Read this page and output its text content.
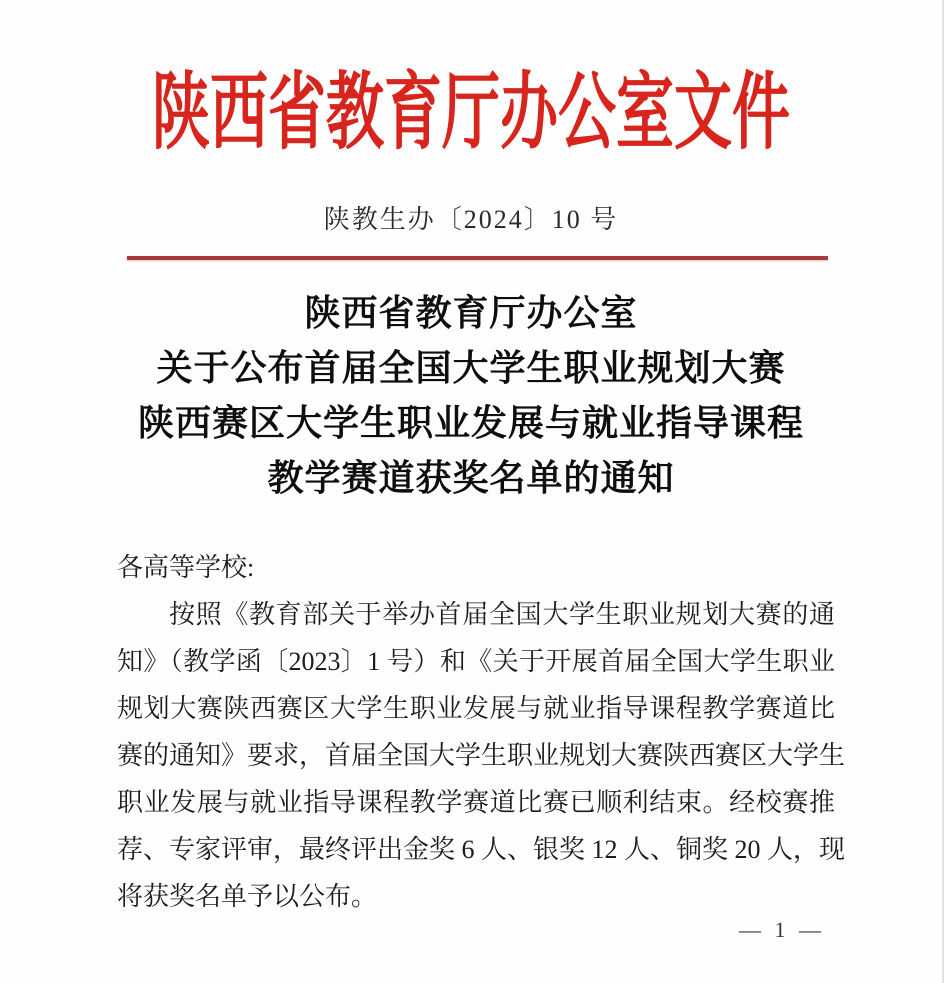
陕西省教育厅办公室文件
陕教生办〔2024〕10 号
陕西省教育厅办公室
关于公布首届全国大学生职业规划大赛
陕西赛区大学生职业发展与就业指导课程
教学赛道获奖名单的通知
各高等学校:
按照《教育部关于举办首届全国大学生职业规划大赛的通
知》（教学函〔2023〕1 号）和《关于开展首届全国大学生职业
规划大赛陕西赛区大学生职业发展与就业指导课程教学赛道比
赛的通知》要求，首届全国大学生职业规划大赛陕西赛区大学生
职业发展与就业指导课程教学赛道比赛已顺利结束。经校赛推
荐、专家评审，最终评出金奖 6 人、银奖 12 人、铜奖 20 人，现
将获奖名单予以公布。
— 1 —
